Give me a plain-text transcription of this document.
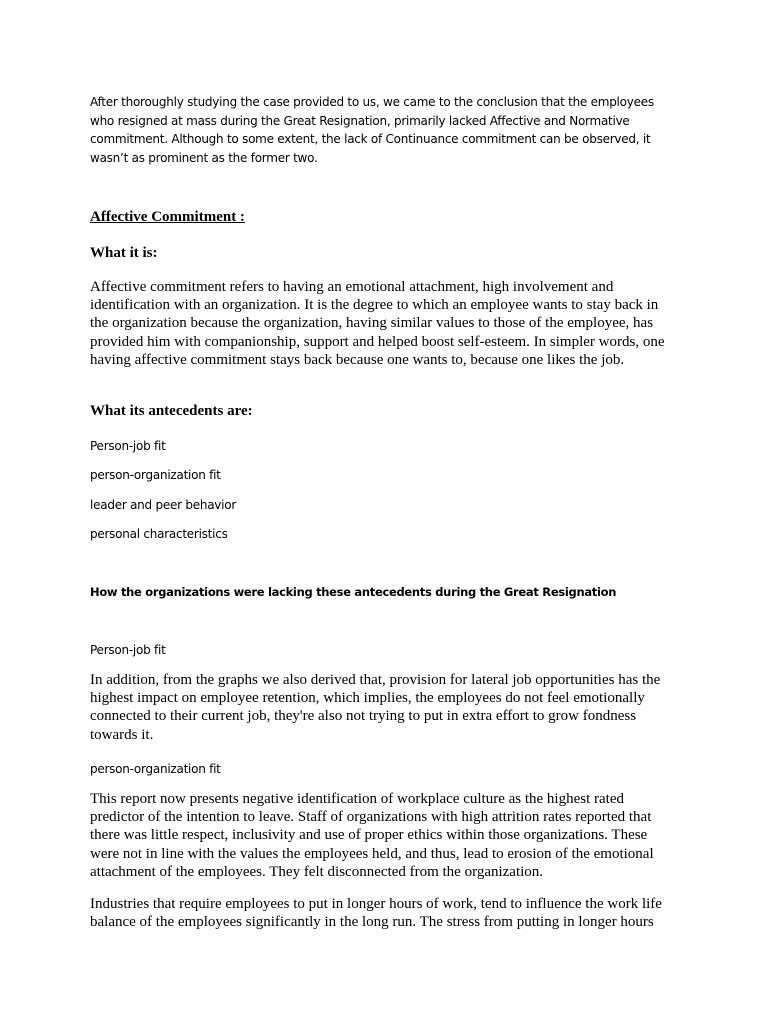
After thoroughly studying the case provided to us, we came to the conclusion that the employees who resigned at mass during the Great Resignation, primarily lacked Affective and Normative commitment. Although to some extent, the lack of Continuance commitment can be observed, it wasn’t as prominent as the former two.

Affective Commitment :

What it is:

Affective commitment refers to having an emotional attachment, high involvement and identification with an organization. It is the degree to which an employee wants to stay back in the organization because the organization, having similar values to those of the employee, has provided him with companionship, support and helped boost self-esteem. In simpler words, one having affective commitment stays back because one wants to, because one likes the job.

What its antecedents are:

Person-job fit

person-organization fit

leader and peer behavior

personal characteristics

How the organizations were lacking these antecedents during the Great Resignation

Person-job fit

In addition, from the graphs we also derived that, provision for lateral job opportunities has the highest impact on employee retention, which implies, the employees do not feel emotionally connected to their current job, they're also not trying to put in extra effort to grow fondness towards it.

person-organization fit

This report now presents negative identification of workplace culture as the highest rated predictor of the intention to leave. Staff of organizations with high attrition rates reported that there was little respect, inclusivity and use of proper ethics within those organizations. These were not in line with the values the employees held, and thus, lead to erosion of the emotional attachment of the employees. They felt disconnected from the organization.

Industries that require employees to put in longer hours of work, tend to influence the work life balance of the employees significantly in the long run. The stress from putting in longer hours
